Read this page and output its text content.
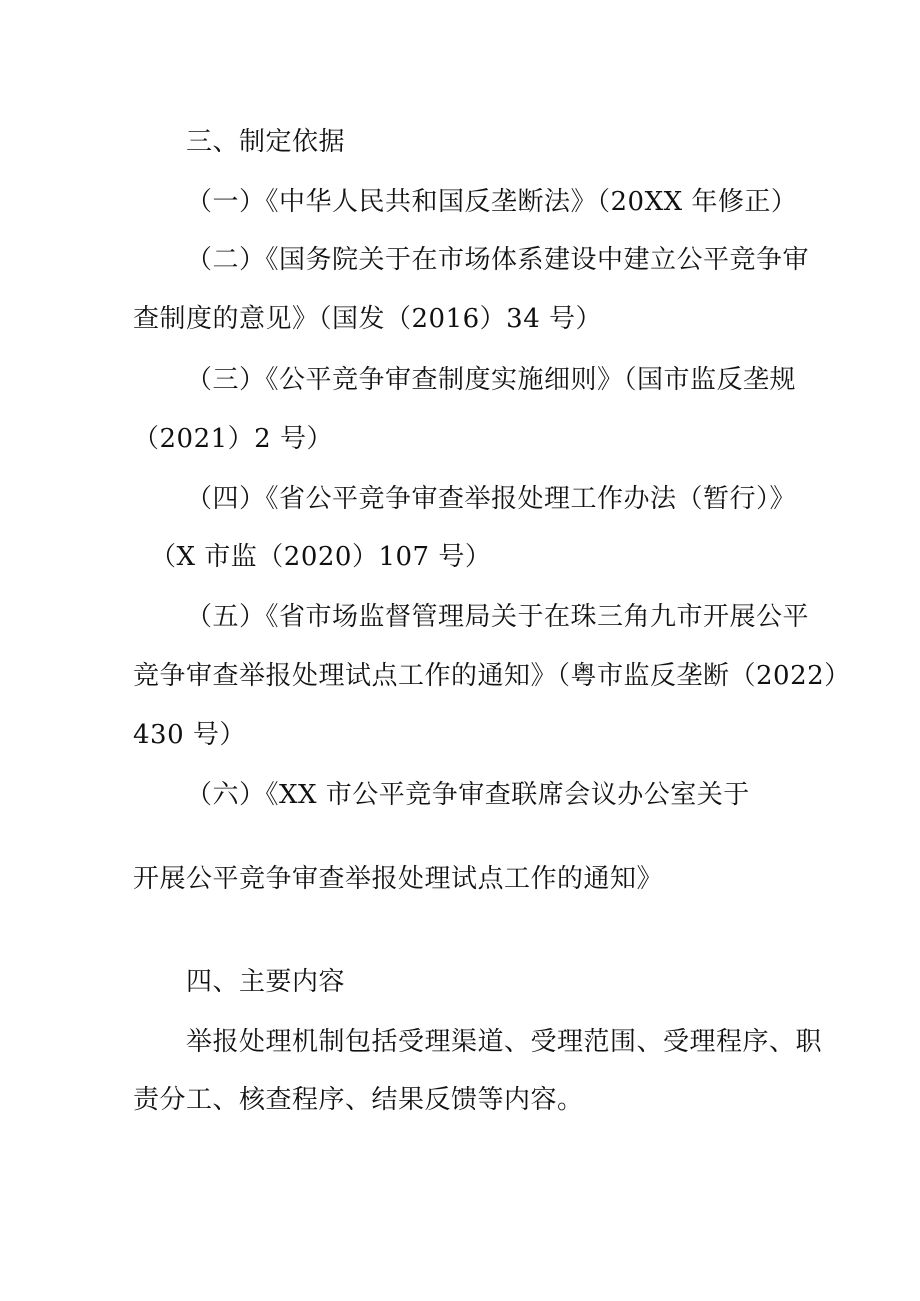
三、制定依据
（一）《中华人民共和国反垄断法》（20XX 年修正）
（二）《国务院关于在市场体系建设中建立公平竞争审
查制度的意见》（国发（2016）34 号）
（三）《公平竞争审查制度实施细则》（国市监反垄规
（2021）2 号）
（四）《省公平竞争审查举报处理工作办法（暂行）》
（X 市监（2020）107 号）
（五）《省市场监督管理局关于在珠三角九市开展公平
竞争审查举报处理试点工作的通知》（粤市监反垄断（2022）
430 号）
（六）《XX 市公平竞争审查联席会议办公室关于
开展公平竞争审查举报处理试点工作的通知》
四、主要内容
举报处理机制包括受理渠道、受理范围、受理程序、职
责分工、核查程序、结果反馈等内容。
